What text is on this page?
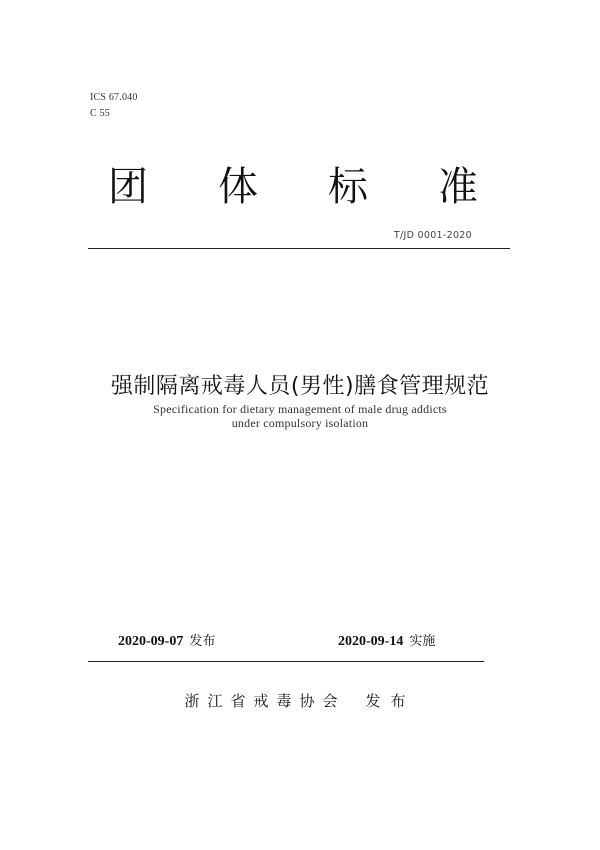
ICS 67.040
C 55
团 体 标 准
T/JD 0001-2020
强制隔离戒毒人员(男性)膳食管理规范
Specification for dietary management of male drug addicts
under compulsory isolation
2020-09-07 发布	2020-09-14 实施
浙江省戒毒协会 发布
